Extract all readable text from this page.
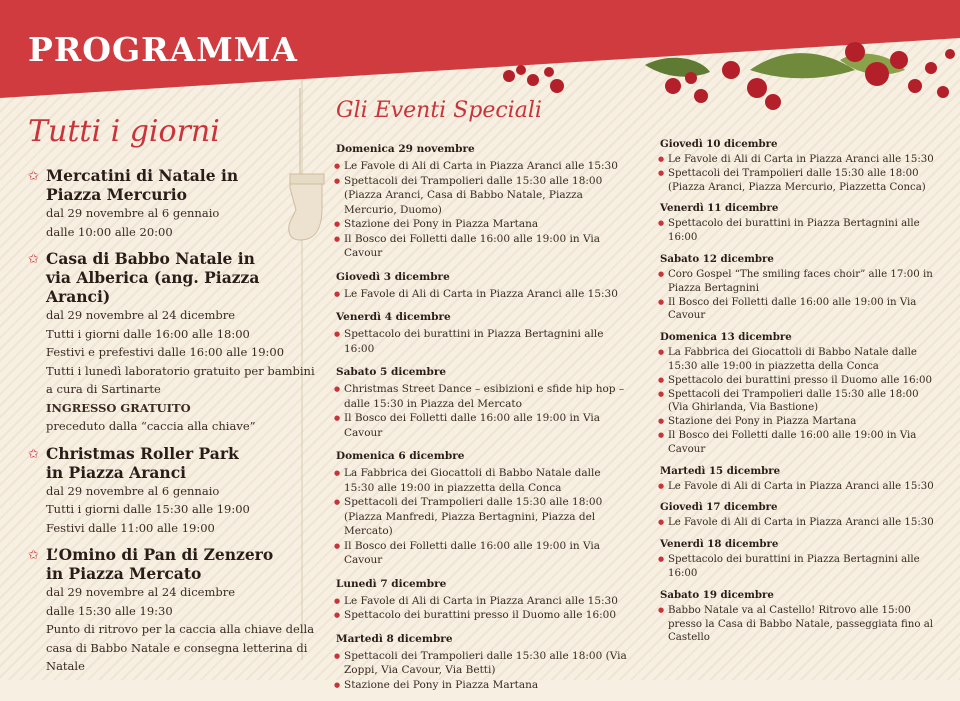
PROGRAMMA
Tutti i giorni
Gli Eventi Speciali
✩ Mercatini di Natale in
Piazza Mercurio
dal 29 novembre al 6 gennaio
dalle 10:00 alle 20:00
✩ Casa di Babbo Natale in
via Alberica (ang. Piazza Aranci)
dal 29 novembre al 24 dicembre
Tutti i giorni dalle 16:00 alle 18:00
Festivi e prefestivi dalle 16:00 alle 19:00
Tutti i lunedì laboratorio gratuito per bambini
a cura di Sartinarte
INGRESSO GRATUITO
preceduto dalla “caccia alla chiave”
✩ Christmas Roller Park
in Piazza Aranci
dal 29 novembre al 6 gennaio
Tutti i giorni dalle 15:30 alle 19:00
Festivi dalle 11:00 alle 19:00
✩ L’Omino di Pan di Zenzero
in Piazza Mercato
dal 29 novembre al 24 dicembre
dalle 15:30 alle 19:30
Punto di ritrovo per la caccia alla chiave della
casa di Babbo Natale e consegna letterina di Natale
Domenica 29 novembre
● Le Favole di Ali di Carta in Piazza Aranci alle 15:30
● Spettacoli dei Trampolieri dalle 15:30 alle 18:00 (Piazza Aranci, Casa di Babbo Natale, Piazza Mercurio, Duomo)
● Stazione dei Pony in Piazza Martana
● Il Bosco dei Folletti dalle 16:00 alle 19:00 in Via Cavour
Giovedì 3 dicembre
● Le Favole di Ali di Carta in Piazza Aranci alle 15:30
Venerdì 4 dicembre
● Spettacolo dei burattini in Piazza Bertagnini alle 16:00
Sabato 5 dicembre
● Christmas Street Dance – esibizioni e sfide hip hop – dalle 15:30 in Piazza del Mercato
● Il Bosco dei Folletti dalle 16:00 alle 19:00 in Via Cavour
Domenica 6 dicembre
● La Fabbrica dei Giocattoli di Babbo Natale dalle 15:30 alle 19:00 in piazzetta della Conca
● Spettacoli dei Trampolieri dalle 15:30 alle 18:00 (Piazza Manfredi, Piazza Bertagnini, Piazza del Mercato)
● Il Bosco dei Folletti dalle 16:00 alle 19:00 in Via Cavour
Lunedì 7 dicembre
● Le Favole di Ali di Carta in Piazza Aranci alle 15:30
● Spettacolo dei burattini presso il Duomo alle 16:00
Martedì 8 dicembre
● Spettacoli dei Trampolieri dalle 15:30 alle 18:00 (Via Zoppi, Via Cavour, Via Betti)
● Stazione dei Pony in Piazza Martana
Giovedì 10 dicembre
● Le Favole di Ali di Carta in Piazza Aranci alle 15:30
● Spettacoli dei Trampolieri dalle 15:30 alle 18:00 (Piazza Aranci, Piazza Mercurio, Piazzetta Conca)
Venerdì 11 dicembre
● Spettacolo dei burattini in Piazza Bertagnini alle 16:00
Sabato 12 dicembre
● Coro Gospel “The smiling faces choir” alle 17:00 in Piazza Bertagnini
● Il Bosco dei Folletti dalle 16:00 alle 19:00 in Via Cavour
Domenica 13 dicembre
● La Fabbrica dei Giocattoli di Babbo Natale dalle 15:30 alle 19:00 in piazzetta della Conca
● Spettacolo dei burattini presso il Duomo alle 16:00
● Spettacoli dei Trampolieri dalle 15:30 alle 18:00 (Via Ghirlanda, Via Bastione)
● Stazione dei Pony in Piazza Martana
● Il Bosco dei Folletti dalle 16:00 alle 19:00 in Via Cavour
Martedì 15 dicembre
● Le Favole di Ali di Carta in Piazza Aranci alle 15:30
Giovedì 17 dicembre
● Le Favole di Ali di Carta in Piazza Aranci alle 15:30
Venerdì 18 dicembre
● Spettacolo dei burattini in Piazza Bertagnini alle 16:00
Sabato 19 dicembre
● Babbo Natale va al Castello! Ritrovo alle 15:00 presso la Casa di Babbo Natale, passeggiata fino al Castello
